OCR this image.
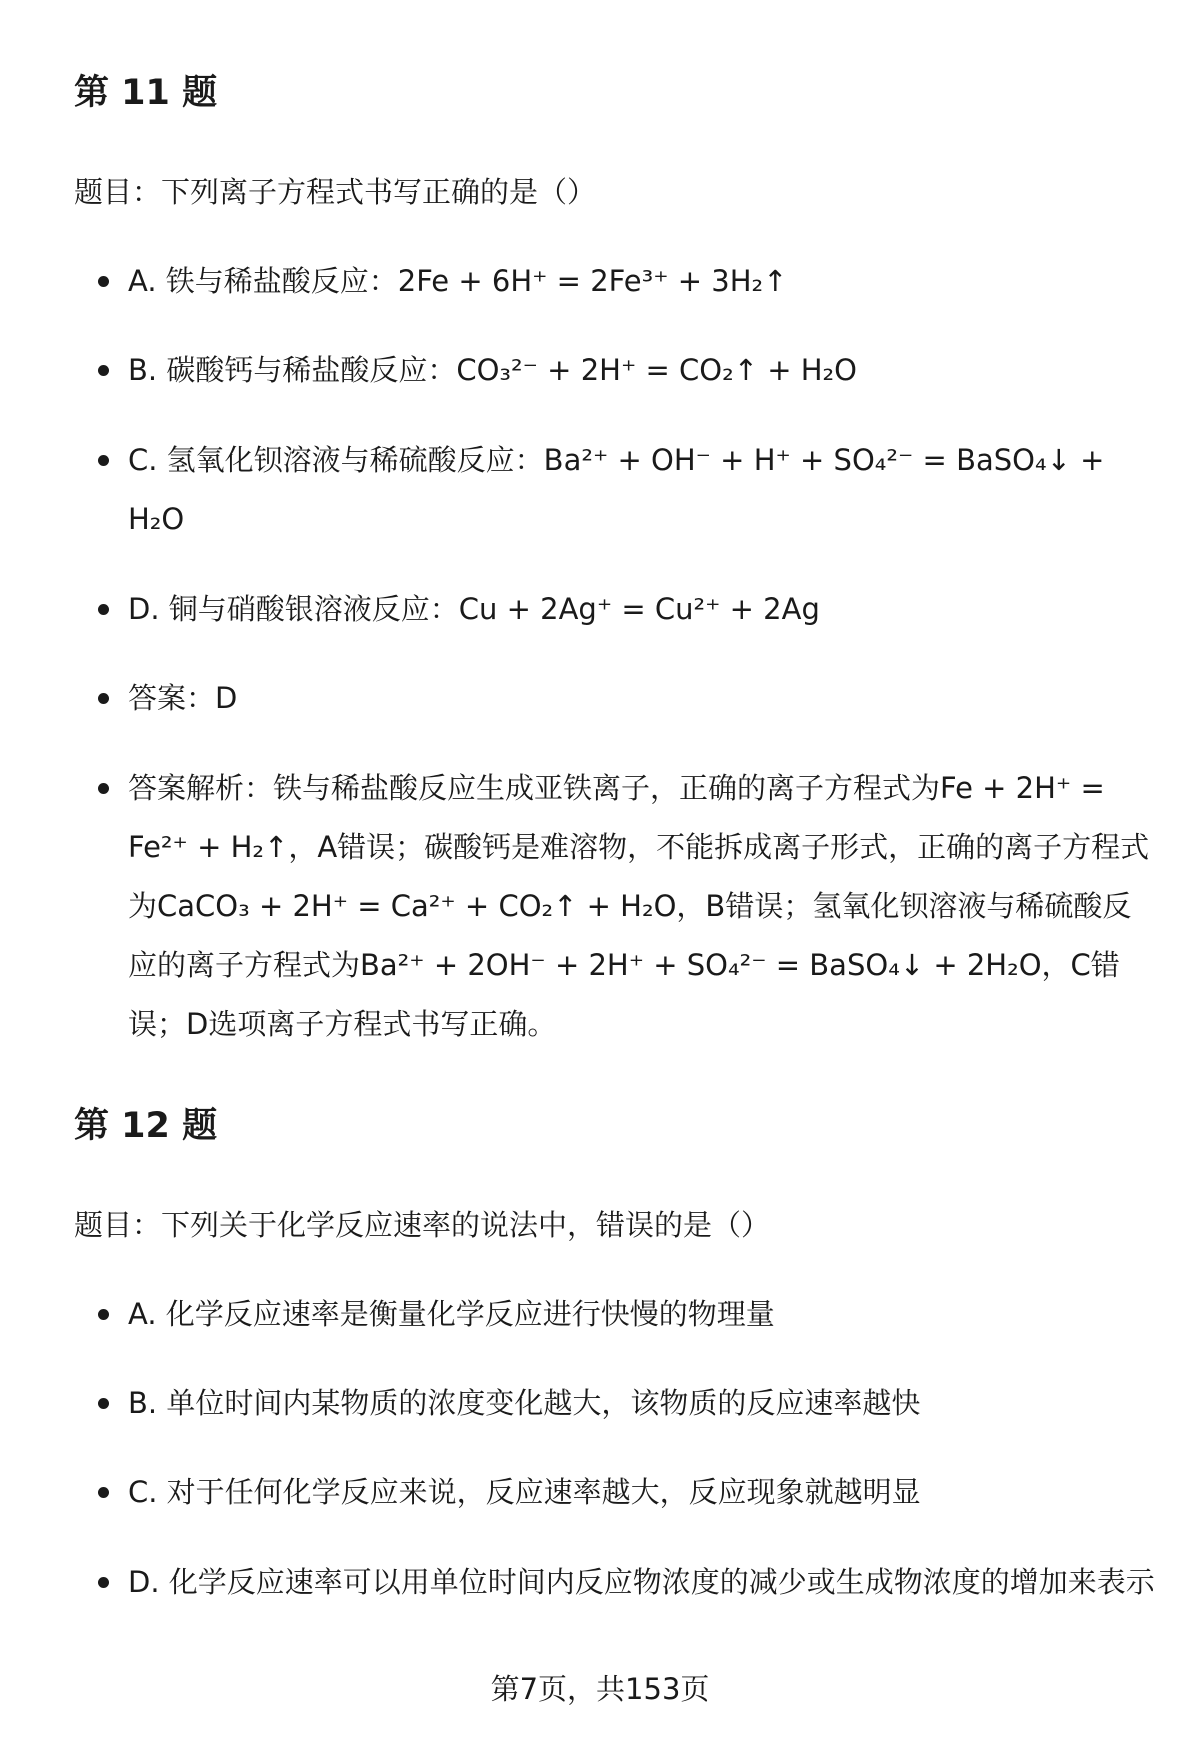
第 11 题

题目：下列离子方程式书写正确的是（）

A. 铁与稀盐酸反应：2Fe + 6H⁺ = 2Fe³⁺ + 3H₂↑
B. 碳酸钙与稀盐酸反应：CO₃²⁻ + 2H⁺ = CO₂↑ + H₂O
C. 氢氧化钡溶液与稀硫酸反应：Ba²⁺ + OH⁻ + H⁺ + SO₄²⁻ = BaSO₄↓ + H₂O
D. 铜与硝酸银溶液反应：Cu + 2Ag⁺ = Cu²⁺ + 2Ag
答案：D
答案解析：铁与稀盐酸反应生成亚铁离子，正确的离子方程式为Fe + 2H⁺ = Fe²⁺ + H₂↑，A错误；碳酸钙是难溶物，不能拆成离子形式，正确的离子方程式为CaCO₃ + 2H⁺ = Ca²⁺ + CO₂↑ + H₂O，B错误；氢氧化钡溶液与稀硫酸反应的离子方程式为Ba²⁺ + 2OH⁻ + 2H⁺ + SO₄²⁻ = BaSO₄↓ + 2H₂O，C错误；D选项离子方程式书写正确。
第 12 题

题目：下列关于化学反应速率的说法中，错误的是（）

A. 化学反应速率是衡量化学反应进行快慢的物理量
B. 单位时间内某物质的浓度变化越大，该物质的反应速率越快
C. 对于任何化学反应来说，反应速率越大，反应现象就越明显
D. 化学反应速率可以用单位时间内反应物浓度的减少或生成物浓度的增加来表示
第7页，共153页
